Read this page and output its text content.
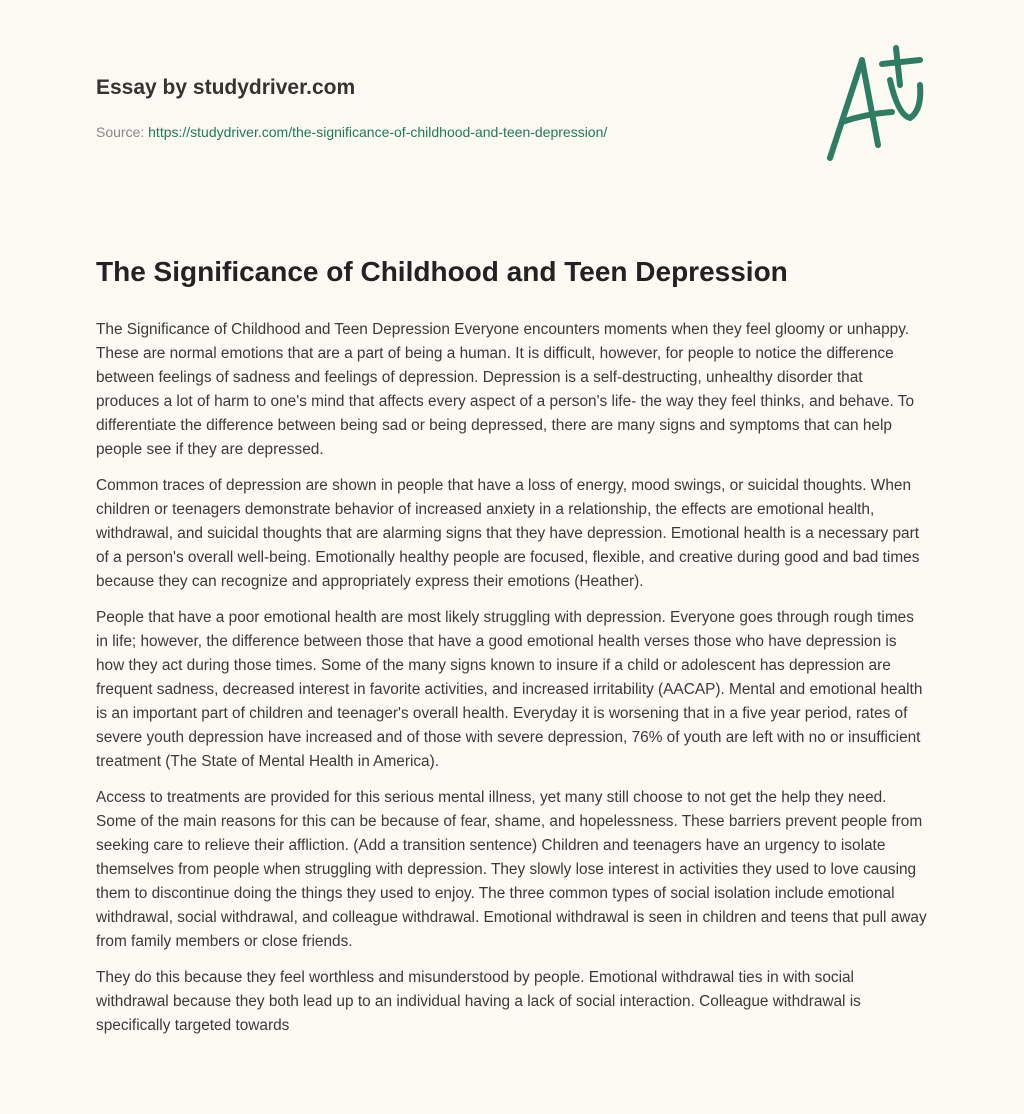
Essay by studydriver.com

Source: https://studydriver.com/the-significance-of-childhood-and-teen-depression/
The Significance of Childhood and Teen Depression

The Significance of Childhood and Teen Depression Everyone encounters moments when they feel gloomy or unhappy. These are normal emotions that are a part of being a human. It is difficult, however, for people to notice the difference between feelings of sadness and feelings of depression. Depression is a self-destructing, unhealthy disorder that produces a lot of harm to one's mind that affects every aspect of a person's life- the way they feel thinks, and behave. To differentiate the difference between being sad or being depressed, there are many signs and symptoms that can help people see if they are depressed.

Common traces of depression are shown in people that have a loss of energy, mood swings, or suicidal thoughts. When children or teenagers demonstrate behavior of increased anxiety in a relationship, the effects are emotional health, withdrawal, and suicidal thoughts that are alarming signs that they have depression. Emotional health is a necessary part of a person's overall well-being. Emotionally healthy people are focused, flexible, and creative during good and bad times because they can recognize and appropriately express their emotions (Heather).

People that have a poor emotional health are most likely struggling with depression. Everyone goes through rough times in life; however, the difference between those that have a good emotional health verses those who have depression is how they act during those times. Some of the many signs known to insure if a child or adolescent has depression are frequent sadness, decreased interest in favorite activities, and increased irritability (AACAP). Mental and emotional health is an important part of children and teenager's overall health. Everyday it is worsening that in a five year period, rates of severe youth depression have increased and of those with severe depression, 76% of youth are left with no or insufficient treatment (The State of Mental Health in America).

Access to treatments are provided for this serious mental illness, yet many still choose to not get the help they need. Some of the main reasons for this can be because of fear, shame, and hopelessness. These barriers prevent people from seeking care to relieve their affliction. (Add a transition sentence) Children and teenagers have an urgency to isolate themselves from people when struggling with depression. They slowly lose interest in activities they used to love causing them to discontinue doing the things they used to enjoy. The three common types of social isolation include emotional withdrawal, social withdrawal, and colleague withdrawal. Emotional withdrawal is seen in children and teens that pull away from family members or close friends.

They do this because they feel worthless and misunderstood by people. Emotional withdrawal ties in with social withdrawal because they both lead up to an individual having a lack of social interaction. Colleague withdrawal is specifically targeted towards
